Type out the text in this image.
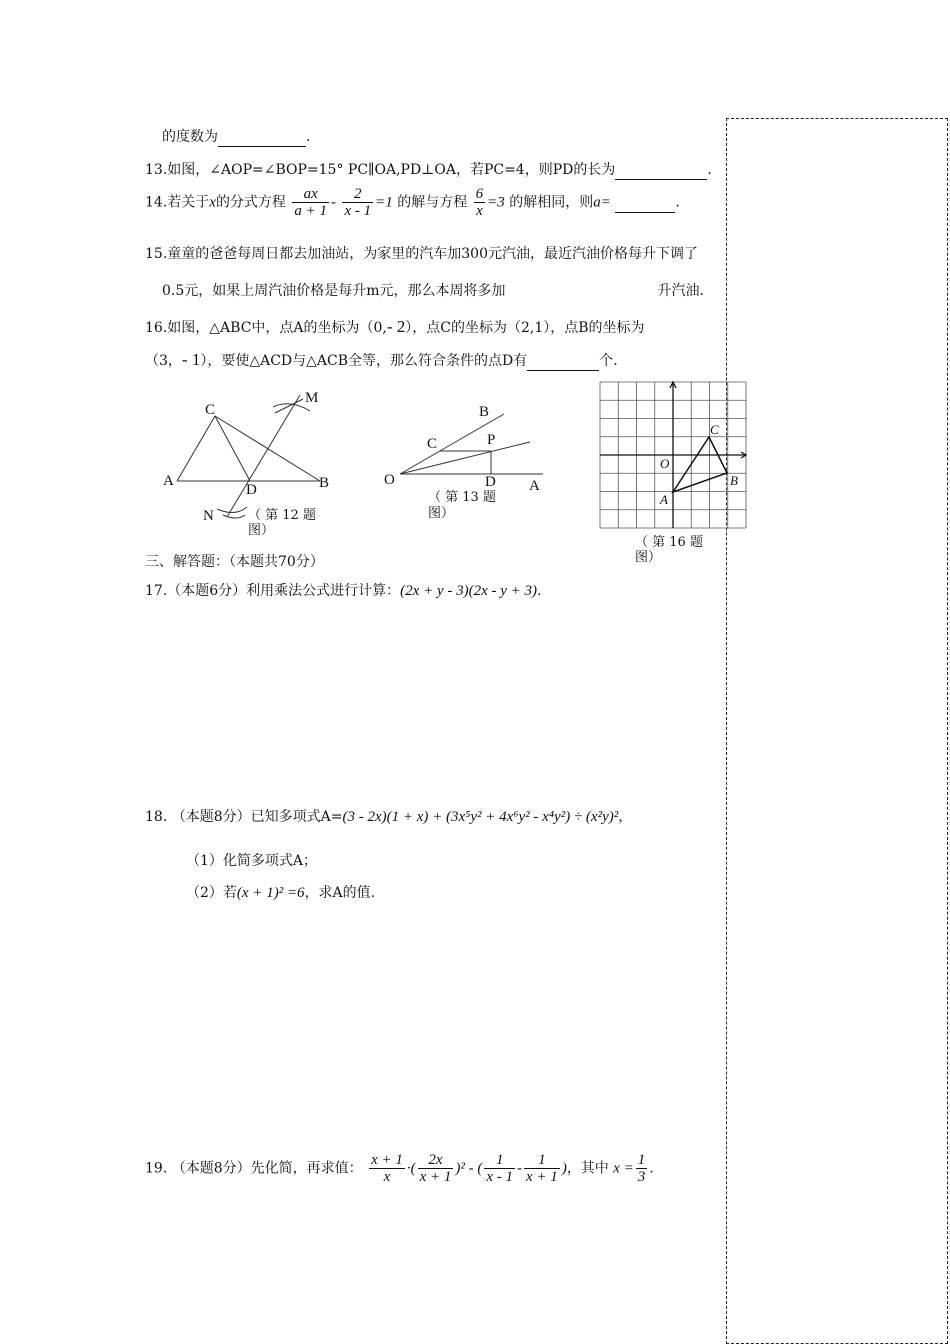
的度数为	.
13.如图，∠AOP=∠BOP=15° PC∥OA,PD⊥OA，若PC=4，则PD的长为	.
14.若关于x的分式方程 $\frac{ax}{a + 1} - \frac{2}{x - 1} =1$ 的解与方程 $\frac{6}{x} =3$ 的解相同，则a=	.
15.童童的爸爸每周日都去加油站，为家里的汽车加300元汽油，最近汽油价格每升下调了
0.5元，如果上周汽油价格是每升m元，那么本周将多加	升汽油.
16.如图，△ABC中，点A的坐标为（0,- 2），点C的坐标为（2,1），点B的坐标为
（3，- 1），要使△ACD与△ACB全等，那么符合条件的点D有	个.
C
M
A
D	B
N	（ 第 12 题
图）
B
C	P
O	D A
（ 第 13 题
图）
C
O
A
B
（ 第 16 题
图）
三、解答题：（本题共70分）
17.（本题6分）利用乘法公式进行计算：(2x + y - 3)(2x - y + 3).
18. （本题8分）已知多项式A=(3 - 2x)(1 + x) + (3x⁵y² + 4x⁶y² - x⁴y²) ÷ (x²y)²，
（1）化简多项式A；
（2）若(x + 1)² =6，求A的值.
19. （本题8分）先化简，再求值： $\frac{x + 1}{x}$ ·( $\frac{2x}{x + 1} )^2$ - ( $\frac{1}{x - 1} - \frac{1}{x + 1}$ )，其中 $x = \frac{1}{3}$ .
